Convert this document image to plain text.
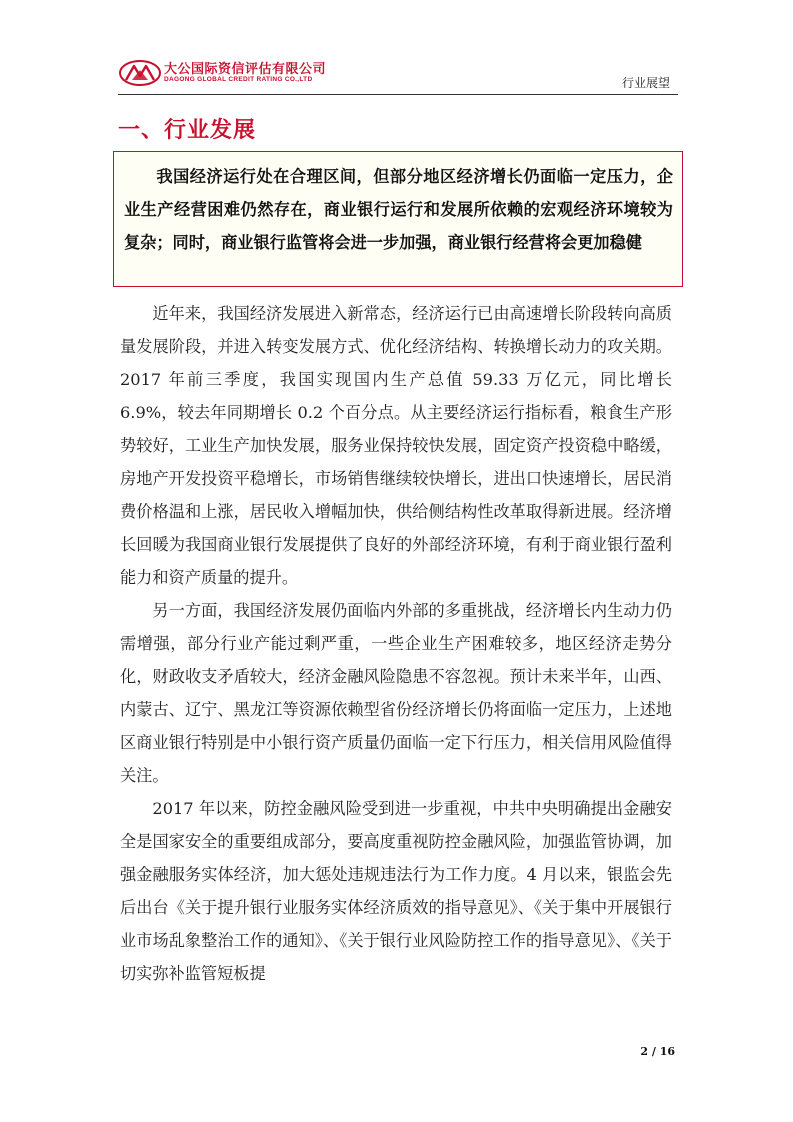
大公国际资信评估有限公司
DAGONG GLOBAL CREDIT RATING CO.,LTD	行业展望
一、行业发展

我国经济运行处在合理区间，但部分地区经济增长仍面临一定压力，企业生产经营困难仍然存在，商业银行运行和发展所依赖的宏观经济环境较为复杂；同时，商业银行监管将会进一步加强，商业银行经营将会更加稳健

近年来，我国经济发展进入新常态，经济运行已由高速增长阶段转向高质量发展阶段，并进入转变发展方式、优化经济结构、转换增长动力的攻关期。2017 年前三季度，我国实现国内生产总值 59.33 万亿元，同比增长 6.9%，较去年同期增长 0.2 个百分点。从主要经济运行指标看，粮食生产形势较好，工业生产加快发展，服务业保持较快发展，固定资产投资稳中略缓，房地产开发投资平稳增长，市场销售继续较快增长，进出口快速增长，居民消费价格温和上涨，居民收入增幅加快，供给侧结构性改革取得新进展。经济增长回暖为我国商业银行发展提供了良好的外部经济环境，有利于商业银行盈利能力和资产质量的提升。

另一方面，我国经济发展仍面临内外部的多重挑战，经济增长内生动力仍需增强，部分行业产能过剩严重，一些企业生产困难较多，地区经济走势分化，财政收支矛盾较大，经济金融风险隐患不容忽视。预计未来半年，山西、内蒙古、辽宁、黑龙江等资源依赖型省份经济增长仍将面临一定压力，上述地区商业银行特别是中小银行资产质量仍面临一定下行压力，相关信用风险值得关注。

2017 年以来，防控金融风险受到进一步重视，中共中央明确提出金融安全是国家安全的重要组成部分，要高度重视防控金融风险，加强监管协调，加强金融服务实体经济，加大惩处违规违法行为工作力度。4 月以来，银监会先后出台《关于提升银行业服务实体经济质效的指导意见》、《关于集中开展银行业市场乱象整治工作的通知》、《关于银行业风险防控工作的指导意见》、《关于切实弥补监管短板提

2 / 16
